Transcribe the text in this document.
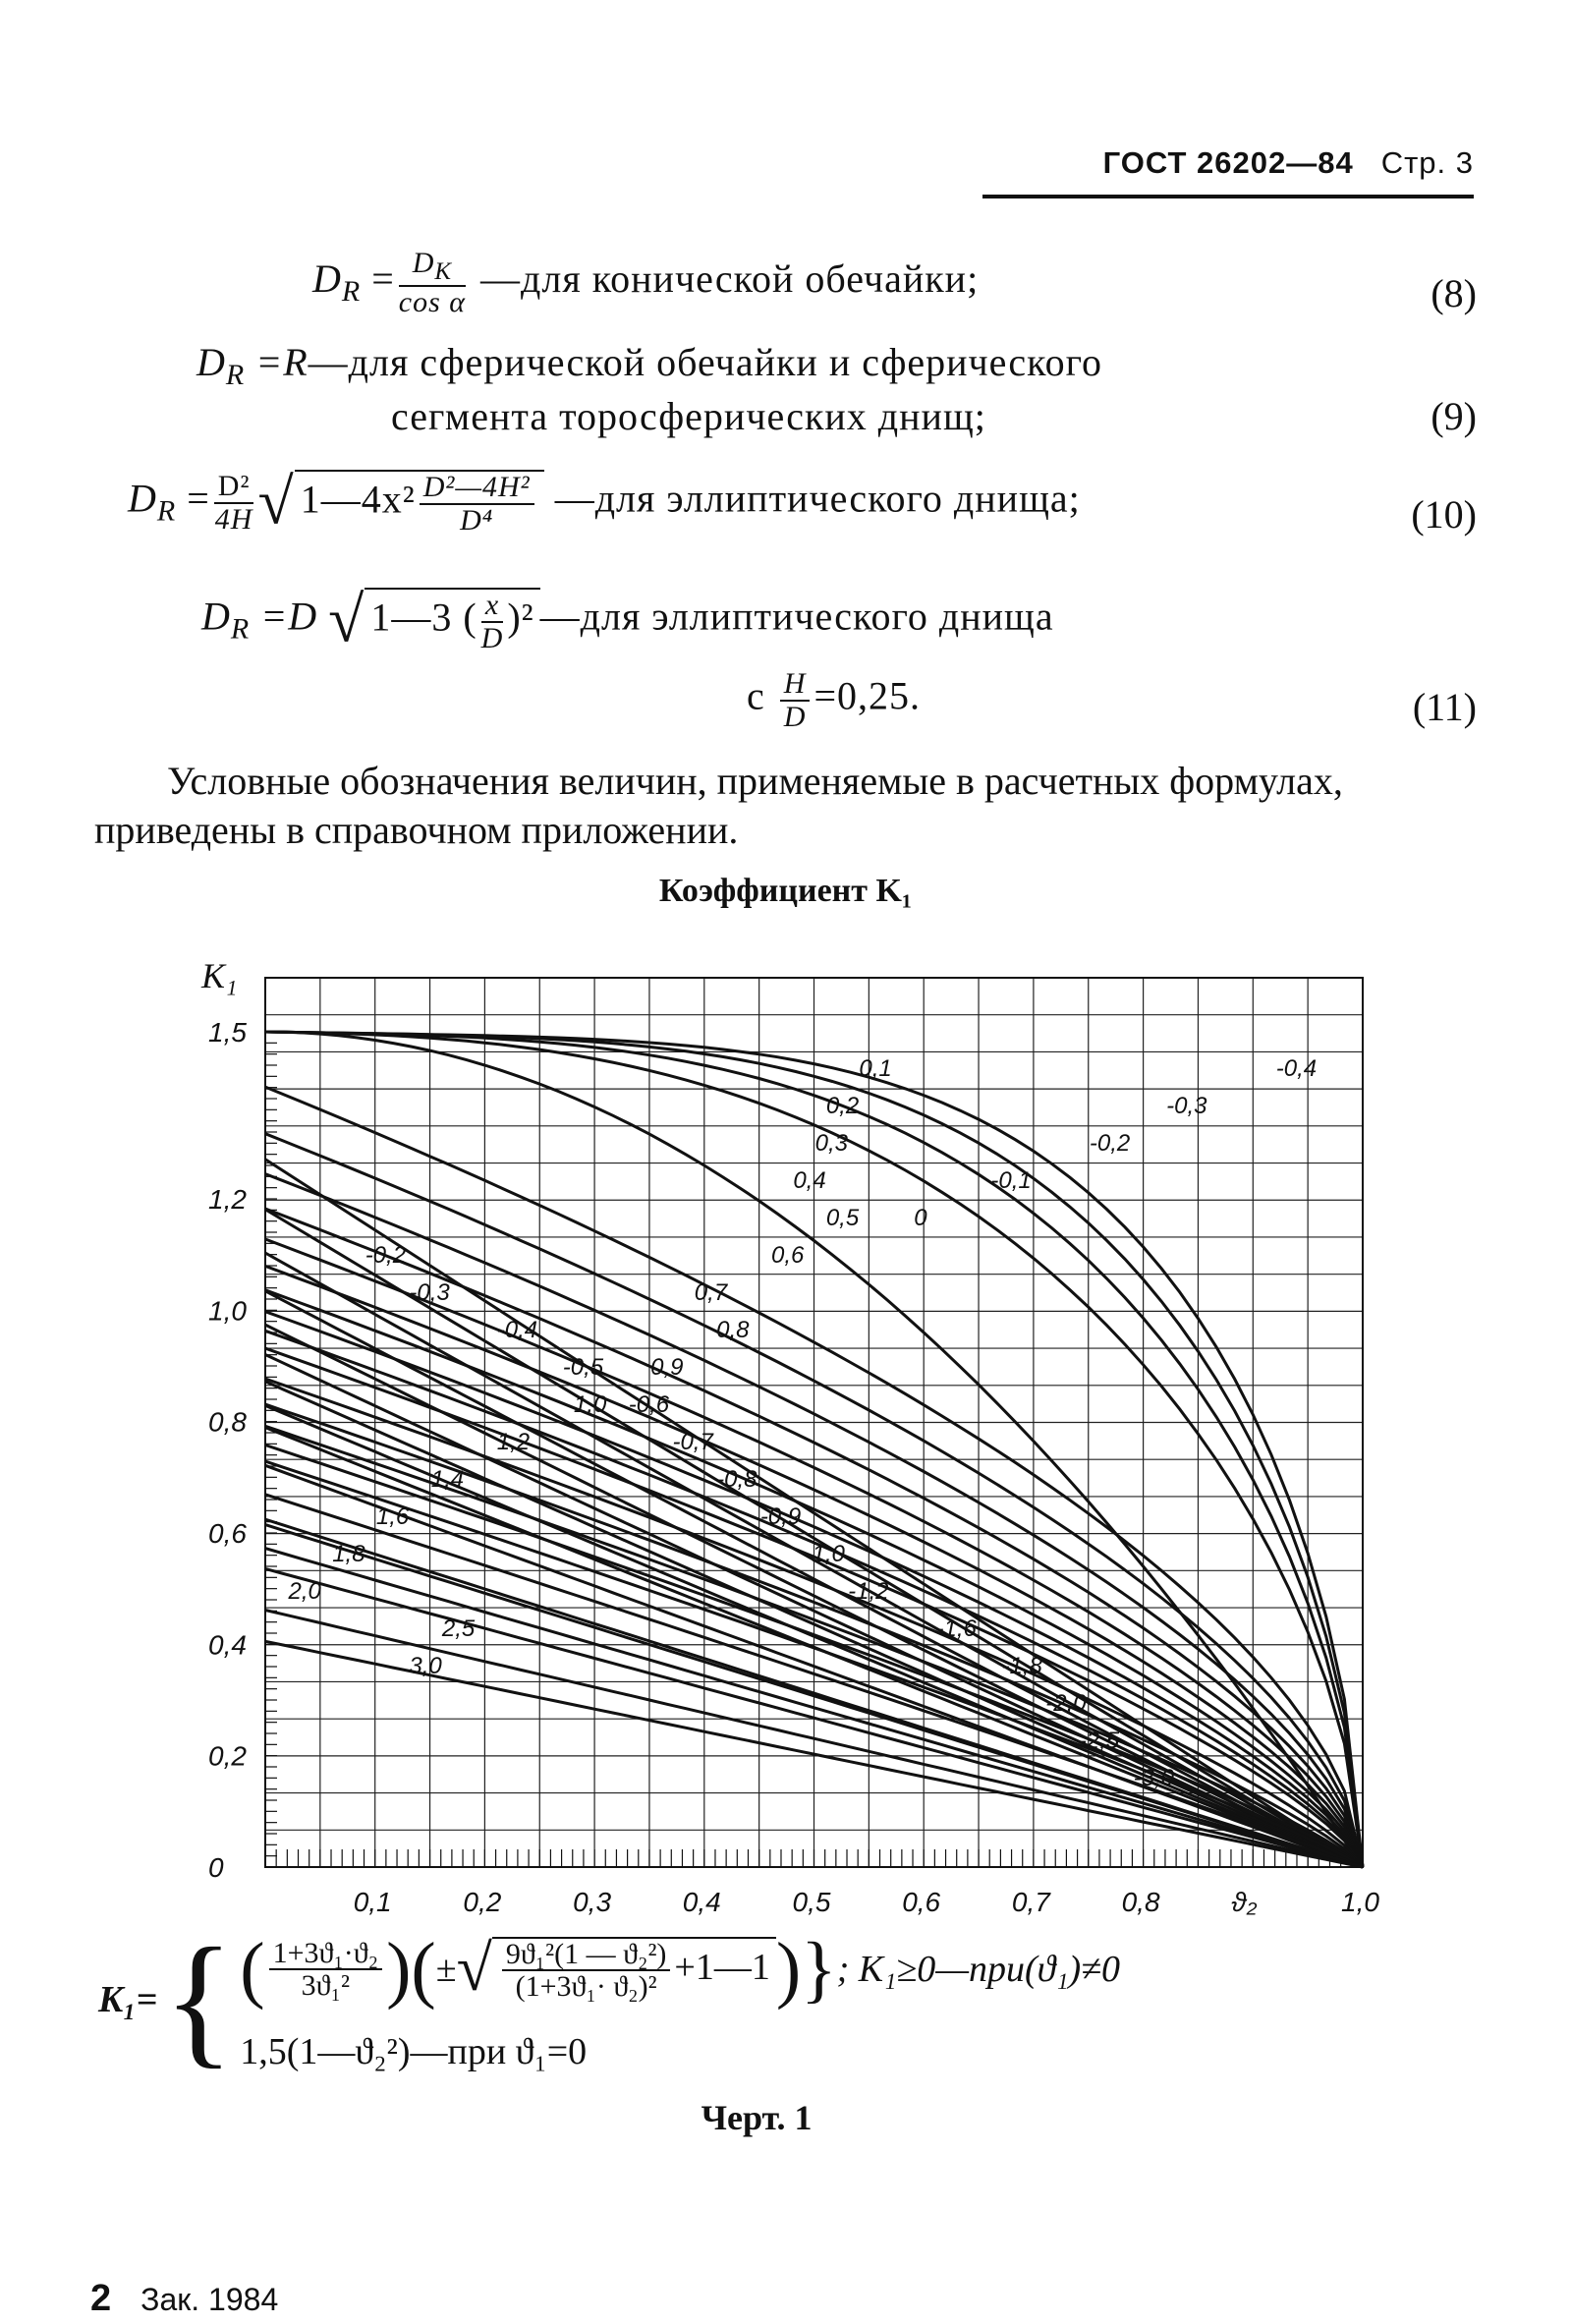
ГОСТ 26202—84 Стр. 3
$D_R = \frac{D_K}{\text{cos α}}$ —для конической обечайки;	(8)
$D_R$ =R—для сферической обечайки и сферического
сегмента торосферических днищ;	(9)
$D_R = \frac{\text{D²}}{4H}$ √ 1—4x² $\frac{\text{D²—4H²}}{\text{D⁴}}$ —для эллиптического днища;	(10)
$D_R =D$ √ 1—3 ( $\frac{x}{D} )^2$ —для эллиптического днища
с $\frac{H}{D} =0,25$.	(11)
Условные обозначения величин, применяемые в расчетных формулах, приведены в справочном приложении.
Коэффициент K₁
-0,4
-0,3
-0,2
-0,1
0
-0,2
-0,3
-0,4
-0,5
-0,6
-0,7
-0,8
-0,9
-1,0
-1,2
-1,6
-1,8
-2,0
-2,5
-3,0
0,1
0,2
0,3
0,4
0,5
0,6
0,7
0,8
0,9
1,0
1,2
1,4
1,6
1,8
2,0
2,5
3,0
0,1	0,2	0,3	0,4	0,5	0,6	0,7	0,8	ϑ₂	1,0
0
0,2
0,4
0,6
0,8
1,0
1,2
1,5
K₁
K₁= { ( $\frac{\text{1+3ϑ₁·ϑ₂}}{\text{3ϑ₁²}}$ )( ± √ $\frac{\text{9ϑ₁²(1 — ϑ₂²)}}{\text{(1+3ϑ₁· ϑ₂)²}}$ +1—1 )} ; K₁≥0—при(ϑ₁)≠0
1,5(1—ϑ₂²)—при ϑ₁=0
Черт. 1
2 Зак. 1984
